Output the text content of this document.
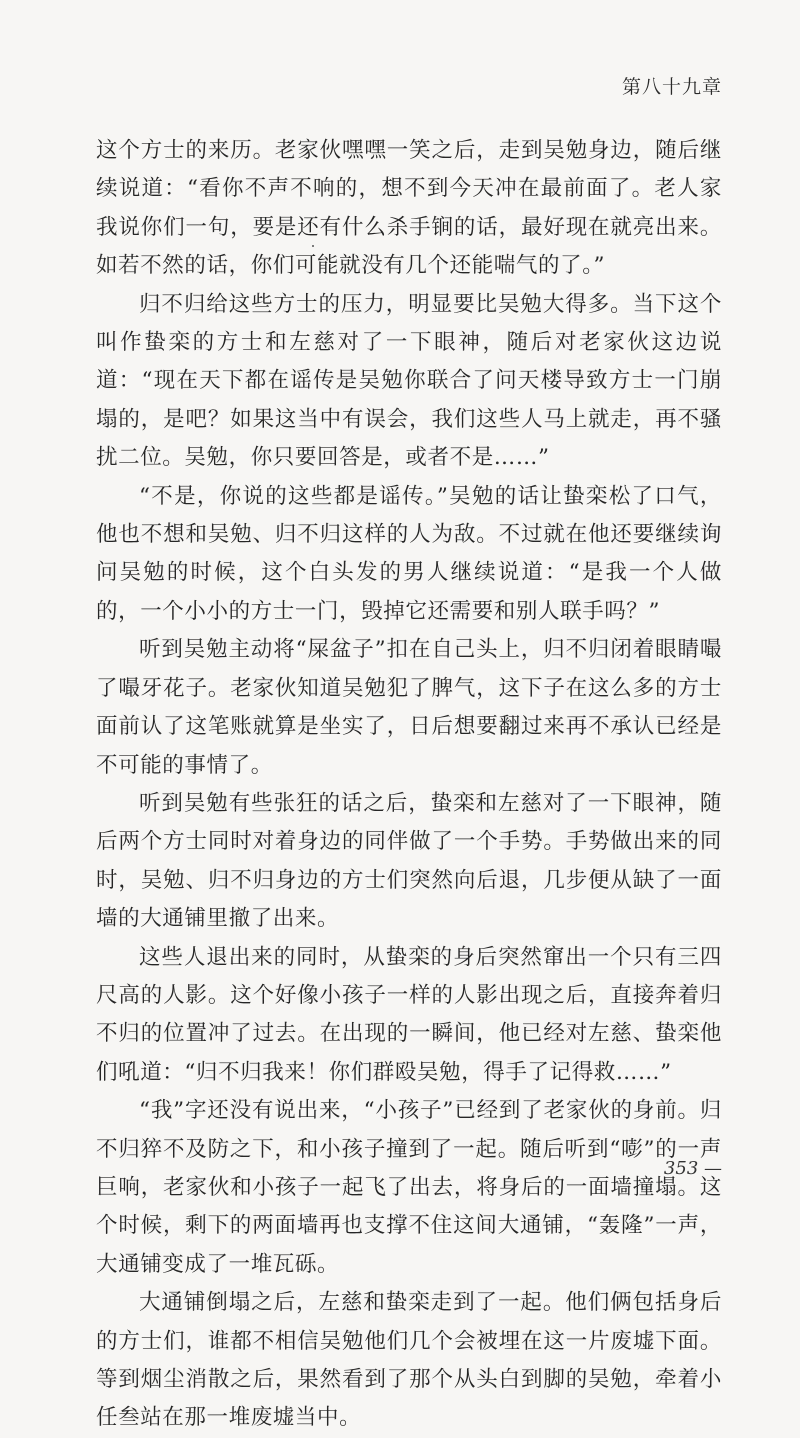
第八十九章

这个方士的来历。老家伙嘿嘿一笑之后，走到吴勉身边，随后继续说道：“看你不声不响的，想不到今天冲在最前面了。老人家我说你们一句，要是还有什么杀手锏的话，最好现在就亮出来。如若不然的话，你们可能就没有几个还能喘气的了。”

归不归给这些方士的压力，明显要比吴勉大得多。当下这个叫作蛰栾的方士和左慈对了一下眼神，随后对老家伙这边说道：“现在天下都在谣传是吴勉你联合了问天楼导致方士一门崩塌的，是吧？如果这当中有误会，我们这些人马上就走，再不骚扰二位。吴勉，你只要回答是，或者不是……”

“不是，你说的这些都是谣传。”吴勉的话让蛰栾松了口气，他也不想和吴勉、归不归这样的人为敌。不过就在他还要继续询问吴勉的时候，这个白头发的男人继续说道：“是我一个人做的，一个小小的方士一门，毁掉它还需要和别人联手吗？”

听到吴勉主动将“屎盆子”扣在自己头上，归不归闭着眼睛嘬了嘬牙花子。老家伙知道吴勉犯了脾气，这下子在这么多的方士面前认了这笔账就算是坐实了，日后想要翻过来再不承认已经是不可能的事情了。

听到吴勉有些张狂的话之后，蛰栾和左慈对了一下眼神，随后两个方士同时对着身边的同伴做了一个手势。手势做出来的同时，吴勉、归不归身边的方士们突然向后退，几步便从缺了一面墙的大通铺里撤了出来。

这些人退出来的同时，从蛰栾的身后突然窜出一个只有三四尺高的人影。这个好像小孩子一样的人影出现之后，直接奔着归不归的位置冲了过去。在出现的一瞬间，他已经对左慈、蛰栾他们吼道：“归不归我来！你们群殴吴勉，得手了记得救……”

“我”字还没有说出来，“小孩子”已经到了老家伙的身前。归不归猝不及防之下，和小孩子撞到了一起。随后听到“嘭”的一声巨响，老家伙和小孩子一起飞了出去，将身后的一面墙撞塌。这个时候，剩下的两面墙再也支撑不住这间大通铺，“轰隆”一声，大通铺变成了一堆瓦砾。

大通铺倒塌之后，左慈和蛰栾走到了一起。他们俩包括身后的方士们，谁都不相信吴勉他们几个会被埋在这一片废墟下面。等到烟尘消散之后，果然看到了那个从头白到脚的吴勉，牵着小任叁站在那一堆废墟当中。

353 —
